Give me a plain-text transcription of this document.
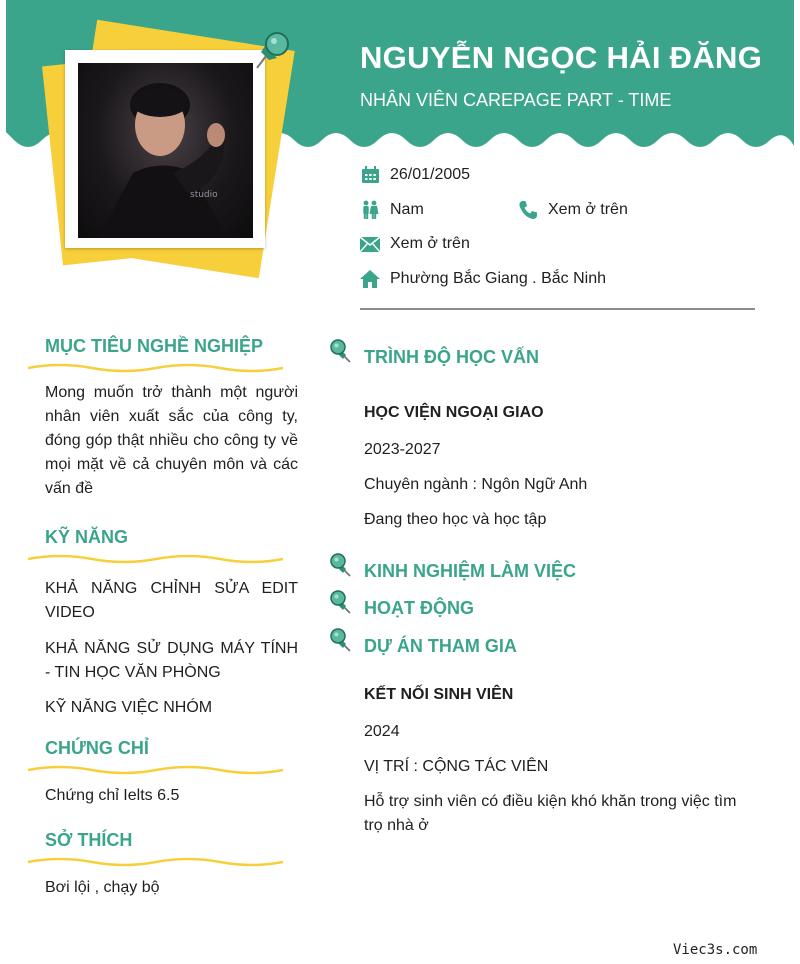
studio
NGUYỄN NGỌC HẢI ĐĂNG
NHÂN VIÊN CAREPAGE PART - TIME
26/01/2005
Nam	Xem ở trên
Xem ở trên
Phường Bắc Giang . Bắc Ninh
MỤC TIÊU NGHỀ NGHIỆP
Mong muốn trở thành một người nhân viên xuất sắc của công ty, đóng góp thật nhiều cho công ty về mọi mặt về cả chuyên môn và các vấn đề
KỸ NĂNG
KHẢ NĂNG CHỈNH SỬA EDIT VIDEO
KHẢ NĂNG SỬ DỤNG MÁY TÍNH - TIN HỌC VĂN PHÒNG
KỸ NĂNG VIỆC NHÓM
CHỨNG CHỈ
Chứng chỉ Ielts 6.5
SỞ THÍCH
Bơi lội , chạy bộ
TRÌNH ĐỘ HỌC VẤN
HỌC VIỆN NGOẠI GIAO
2023-2027
Chuyên ngành : Ngôn Ngữ Anh
Đang theo học và học tập
KINH NGHIỆM LÀM VIỆC
HOẠT ĐỘNG
DỰ ÁN THAM GIA
KẾT NỐI SINH VIÊN
2024
VỊ TRÍ : CỘNG TÁC VIÊN
Hỗ trợ sinh viên có điều kiện khó khăn trong việc tìm trọ nhà ở
Viec3s.com
